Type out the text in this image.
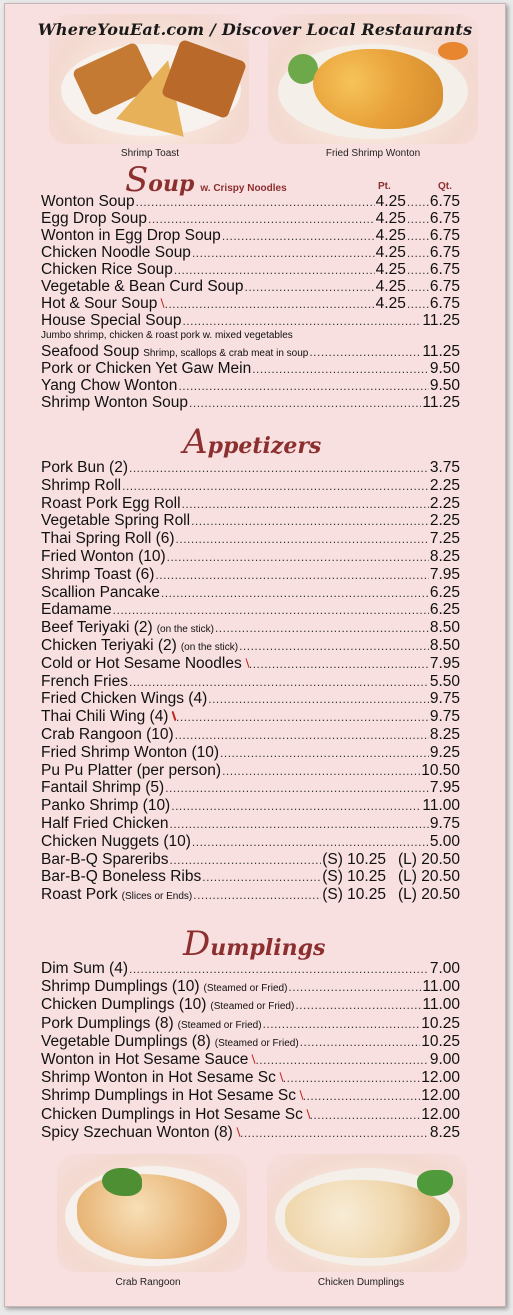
WhereYouEat.com / Discover Local Restaurants
Shrimp Toast	Fried Shrimp Wonton
Soup w. Crispy Noodles	Pt.	Qt.
Wonton Soup .....	4.25 ..... 6.75
Egg Drop Soup .....	4.25 ..... 6.75
Wonton in Egg Drop Soup .....	4.25 ..... 6.75
Chicken Noodle Soup .....	4.25 ..... 6.75
Chicken Rice Soup .....	4.25 ..... 6.75
Vegetable & Bean Curd Soup .....	4.25 ..... 6.75
Hot & Sour Soup .....	4.25 ..... 6.75
House Special Soup .....	11.25
Jumbo shrimp, chicken & roast pork w. mixed vegetables
Seafood Soup Shrimp, scallops & crab meat in soup .....	11.25
Pork or Chicken Yet Gaw Mein .....	9.50
Yang Chow Wonton .....	9.50
Shrimp Wonton Soup .....	11.25
Appetizers
Pork Bun (2) .....	3.75
Shrimp Roll .....	2.25
Roast Pork Egg Roll .....	2.25
Vegetable Spring Roll .....	2.25
Thai Spring Roll (6) .....	7.25
Fried Wonton (10) .....	8.25
Shrimp Toast (6) .....	7.95
Scallion Pancake .....	6.25
Edamame .....	6.25
Beef Teriyaki (2) (on the stick) .....	8.50
Chicken Teriyaki (2) (on the stick) .....	8.50
Cold or Hot Sesame Noodles .....	7.95
French Fries .....	5.50
Fried Chicken Wings (4) .....	9.75
Thai Chili Wing (4) .....	9.75
Crab Rangoon (10) .....	8.25
Fried Shrimp Wonton (10) .....	9.25
Pu Pu Platter (per person) .....	10.50
Fantail Shrimp (5) .....	7.95
Panko Shrimp (10) .....	11.00
Half Fried Chicken .....	9.75
Chicken Nuggets (10) .....	5.00
Bar-B-Q Spareribs .....	(S) 10.25 (L) 20.50
Bar-B-Q Boneless Ribs .....	(S) 10.25 (L) 20.50
Roast Pork (Slices or Ends) .....	(S) 10.25 (L) 20.50
Dumplings
Dim Sum (4) .....	7.00
Shrimp Dumplings (10) (Steamed or Fried) .....	11.00
Chicken Dumplings (10) (Steamed or Fried) .....	11.00
Pork Dumplings (8) (Steamed or Fried) .....	10.25
Vegetable Dumplings (8) (Steamed or Fried) .....	10.25
Wonton in Hot Sesame Sauce .....	9.00
Shrimp Wonton in Hot Sesame Sc .....	12.00
Shrimp Dumplings in Hot Sesame Sc .....	12.00
Chicken Dumplings in Hot Sesame Sc .....	12.00
Spicy Szechuan Wonton (8) .....	8.25
Crab Rangoon	Chicken Dumplings
